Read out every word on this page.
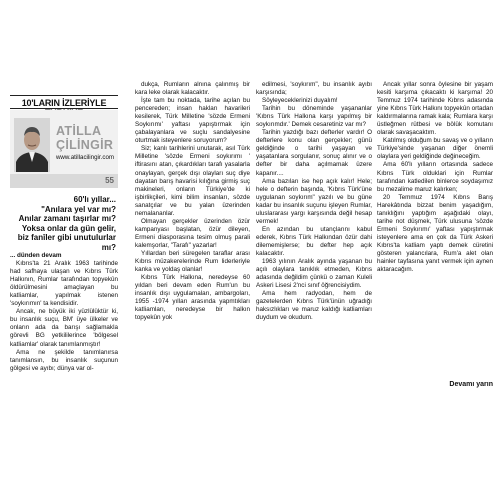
10'LARIN İZLERİYLE
ATİLLA
ÇİLİNGİR
www.atillacilingir.com
55
60'lı yıllar...
"Anılara yel var mı?
Anılar zamanı taşırlar mı?
Yoksa onlar da gün gelir,
biz fanîler gibi unutulurlar mı?

... dünden devam

Kıbrıs'ta 21 Aralık 1963 tarihinde had safhaya ulaşan ve Kıbrıs Türk Halkının, Rumlar tarafından topyekûn öldürülmesini amaçlayan bu katliamlar, yapılmak istenen 'soykırımın' ta kendisidir.

Ancak, ne büyük iki yüzlülüktür ki, bu insanlık suçu, BM' üye ülkeler ve onların ada da barışı sağlamakla görevli BG yetkililerince 'bölgesel katliamlar' olarak tanımlanmıştır!

Ama ne şekilde tanımlanırsa tanımlansın, bu insanlık suçunun gölgesi ve ayıbı; dünya var ol-

dukça, Rumların alnına çalınmış bir kara leke olarak kalacaktır.

İşte tam bu noktada, tarihe açılan bu pencereden; insan hakları havarileri kesilerek, Türk Milletine 'sözde Ermeni Soykırımı' yaftası yapıştırmak için çabalayanlara ve suçlu sandalyesine oturtmak isteyenlere soruyorum?

Siz; kanlı tarihlerini unutarak, asıl Türk Milletine 'sözde Ermeni soykırımı ' iftirasını atan, çıkardıkları tarafı yasalarla onaylayan, gerçek dışı olayları suç diye dayatan barış havarisi kılığına girmiş suç makineleri, onların Türkiye'de ki işbirlikçileri, kimi bilim insanları, sözde sanatçılar ve bu yalan üzerinden nemalananlar.

Olmayan gerçekler üzerinden özür kampanyası başlatan, özür dileyen, Ermeni diasporasına tesim olmuş parali kalemşorlar, "Tarafı" yazarlar!

Yıllardan beri süregelen taraflar arası Kıbrıs müzakerelerinde Rum liderleriyle kanka ve yoldaş olanlar!

Kıbrıs Türk Halkına, neredeyse 60 yıldan beri devam eden Rum'un bu insanlık dışı uygulamaları, ambargoları, 1955 -1974 yılları arasında yapmtıkları katliamları, neredeyse bir halkın topyekûn yok

edilmesi, 'soykırım'', bu insanlık ayıbı karşısında;

Söyleyeceklerinizi duyalım!

Tarihin bu döneminde yaşananlar 'Kıbrıs Türk Halkına karşı yapılmış bir soykırımdır.' Demek cesaretiniz var mı?

Tarihin yazdığı bazı defterler vardır! O defterlere konu olan gerçekler; günü geldiğinde o tarihi yaşayan ve yaşatanlara sorgulanır, sonuç alınır ve o defter bir daha açılmamak üzere kapanır....

Ama bazıları ise hep açık kalır! Hele; hele o defterin başında, 'Kıbrıs Türk'üne uygulanan soykırım" yazılı ve bu güne kadar bu insanlık suçunu işleyen Rumlar, uluslararası yargı karşısında değil hesap vermek!

En azından bu utançlarını kabul ederek, Kıbrıs Türk Halkından özür dahi dilememişlerse; bu defter hep açık kalacaktır.

1963 yılının Aralık ayında yaşanan bu açılı olaylara tanıklık etmeden, Kıbrıs adasında değildim çünkü o zaman Kuleli Askeri Lisesi 2'nci sınıf öğrencisiydim.

Ama hem radyodan, hem de gazetelerden Kıbrıs Türk'ünün uğradığı haksızlıkları ve maruz kaldığı katliamları duydum ve okudum.

Ancak yıllar sonra öylesine bir yaşam kesiti karşıma çıkacaktı ki karşıma! 20 Temmuz 1974 tarihinde Kıbrıs adasında yine Kıbrıs Türk Halkını topyekûn ortadan kaldırmalarına ramak kala; Rumlara karşı üstleğmen rütbesi ve bölük komutanı olarak savaşacaktım.

Katılmış olduğum bu savaş ve o yılların Türkiye'sinde yaşanan diğer önemli olaylara yeri geldiğinde değineceğim.

Ama 60'lı yılların ortasında sadece Kıbrıs Türk olduklari için Rumlar tarafından katledilen binlerce soydaşımız bu mezalime maruz kalırken;

20 Temmuz 1974 Kıbrıs Barış Harekâtında bizzat benim yaşadığım, tanıklığını yaptığım aşağıdaki olayı, tarihe not düşmek, Türk ulusuna 'sözde Ermeni Soykırımı' yaftası yapıştırmak isteyenlere ama en çok da Türk Askeri Kıbrıs'ta katliam yaptı demek cüretini gösteren yalancılara, Rum'a alet olan hainler tayfasına yanıt vermek için aynen aktaracağım.

Devamı yarın
